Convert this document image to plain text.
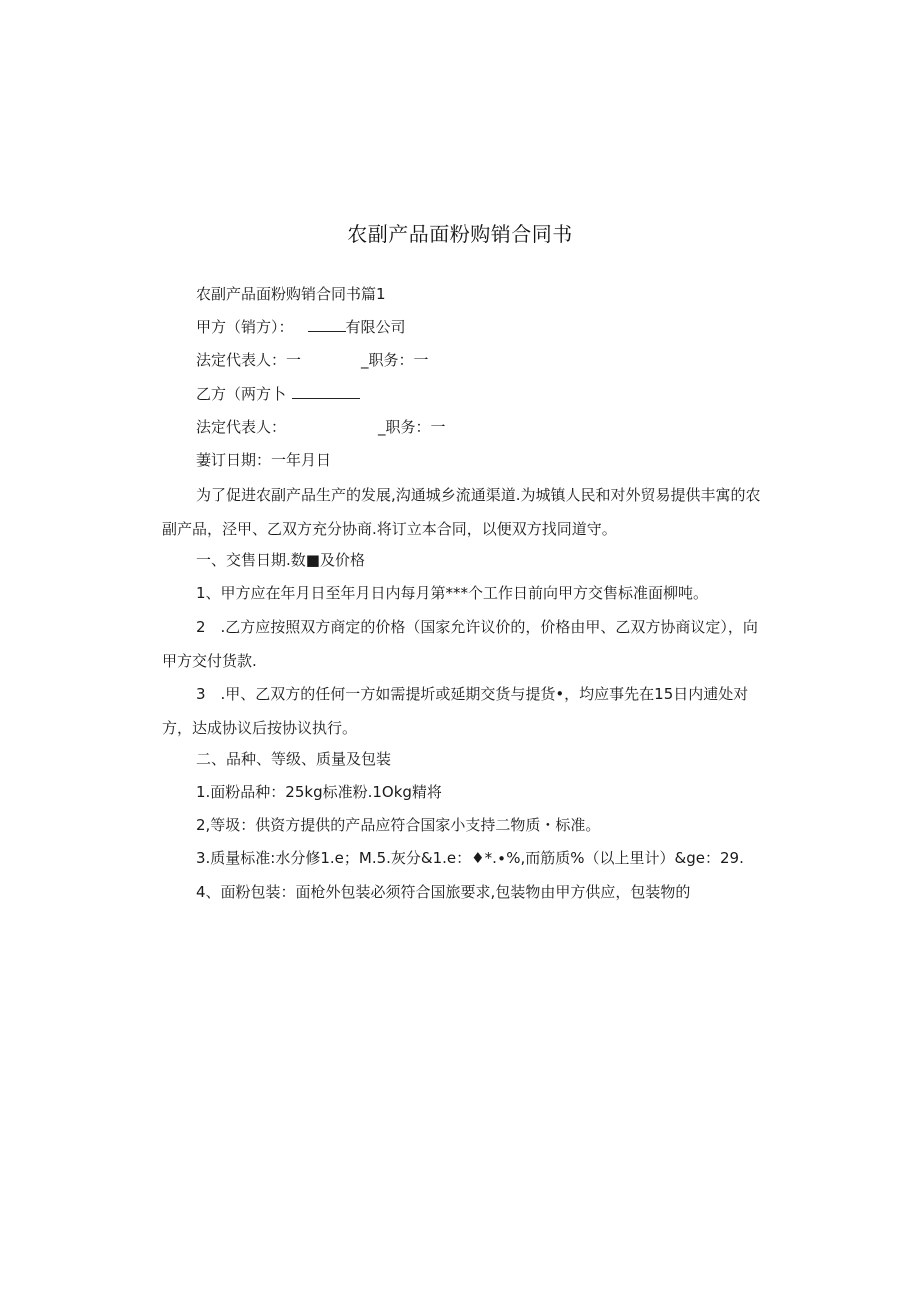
农副产品面粉购销合同书
农副产品面粉购销合同书篇1
甲方（销方）：	有限公司
法定代表人：一	_职务：一
乙方（两方卜
法定代表人：	_职务：一
萋订日期：一年月日
为了促进农副产品生产的发展,沟通城乡流通渠道.为城镇人民和对外贸易提供丰寓的农副产品，泾甲、乙双方充分协商.将订立本合同，以便双方找同道守。
一、交售日期.数■及价格
1、甲方应在年月日至年月日内每月第***个工作日前向甲方交售标准面柳吨。
2　.乙方应按照双方商定的价格（国家允许议价的，价格由甲、乙双方协商议定），向甲方交付货款.
3　.甲、乙双方的任何一方如需提圻或延期交货与提货•，均应事先在15日内逋处对方，达成协议后按协议执行。
二、品种、等级、质量及包装
1.面粉品种：25kg标准粉.1Okg精将
2,等圾：供资方提供的产品应符合国家小支持二物质・标准。
3.质量标准:水分修1.e；M.5.灰分&1.e：♦*.∙%,而筋质%（以上里计）&ge：29.
4、面粉包装：面枪外包装必须符合国旅要求,包装物由甲方供应，包装物的
